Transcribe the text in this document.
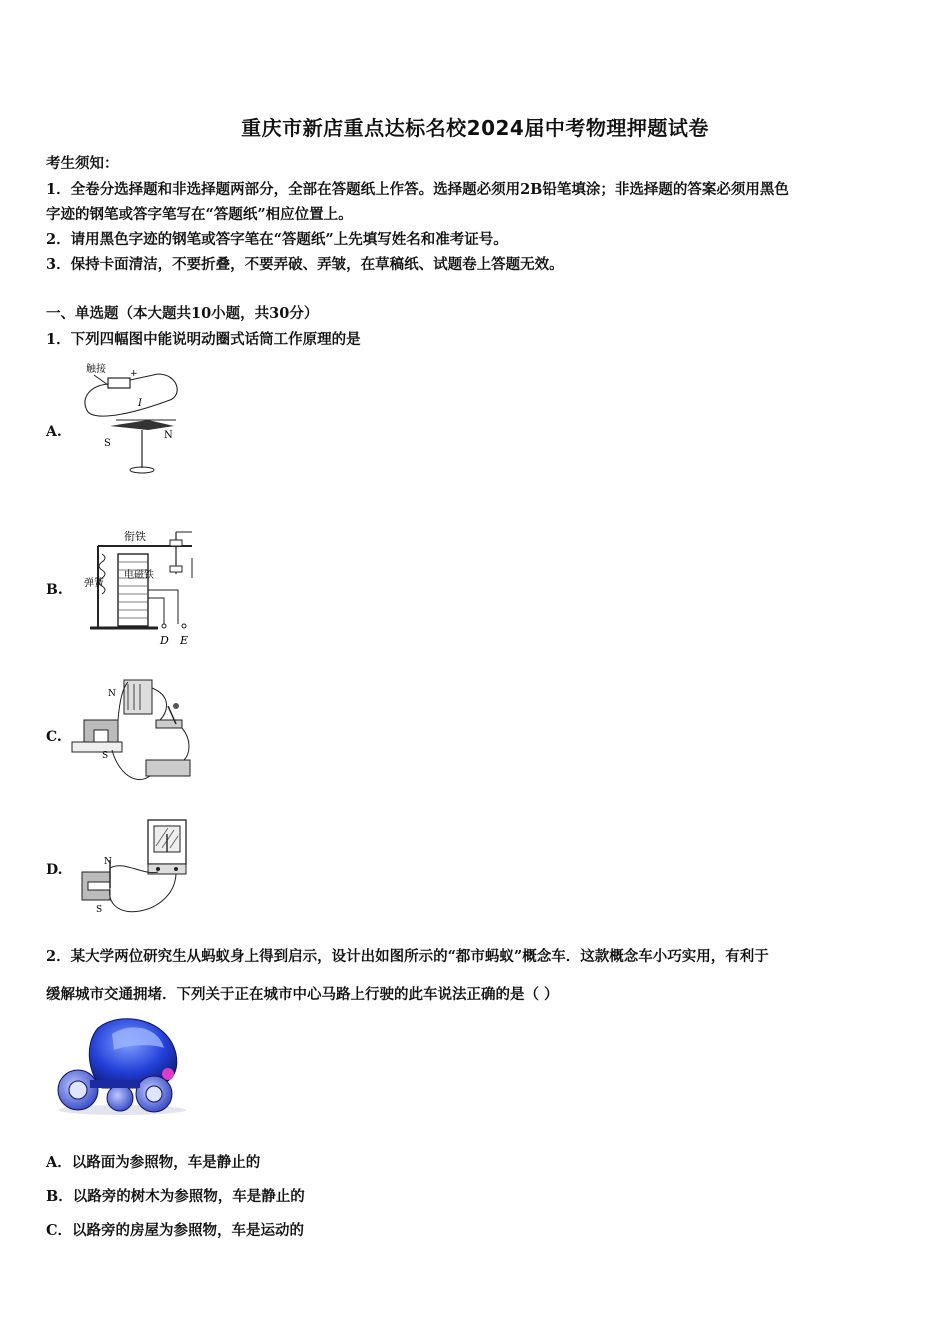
重庆市新店重点达标名校2024届中考物理押题试卷
考生须知：
1．全卷分选择题和非选择题两部分，全部在答题纸上作答。选择题必须用2B铅笔填涂；非选择题的答案必须用黑色
字迹的钢笔或答字笔写在“答题纸”相应位置上。
2．请用黑色字迹的钢笔或答字笔在“答题纸”上先填写姓名和准考证号。
3．保持卡面清洁，不要折叠，不要弄破、弄皱，在草稿纸、试题卷上答题无效。
一、单选题（本大题共10小题，共30分）
1．下列四幅图中能说明动圈式话筒工作原理的是
A.
触接	+
I
S
N
B.
衔铁
电磁铁
弹簧
D E
C.
N
S
D.	N
S
2．某大学两位研究生从蚂蚁身上得到启示，设计出如图所示的“都市蚂蚁”概念车．这款概念车小巧实用，有利于
缓解城市交通拥堵．下列关于正在城市中心马路上行驶的此车说法正确的是（ ）
A．以路面为参照物，车是静止的
B．以路旁的树木为参照物，车是静止的
C．以路旁的房屋为参照物，车是运动的
